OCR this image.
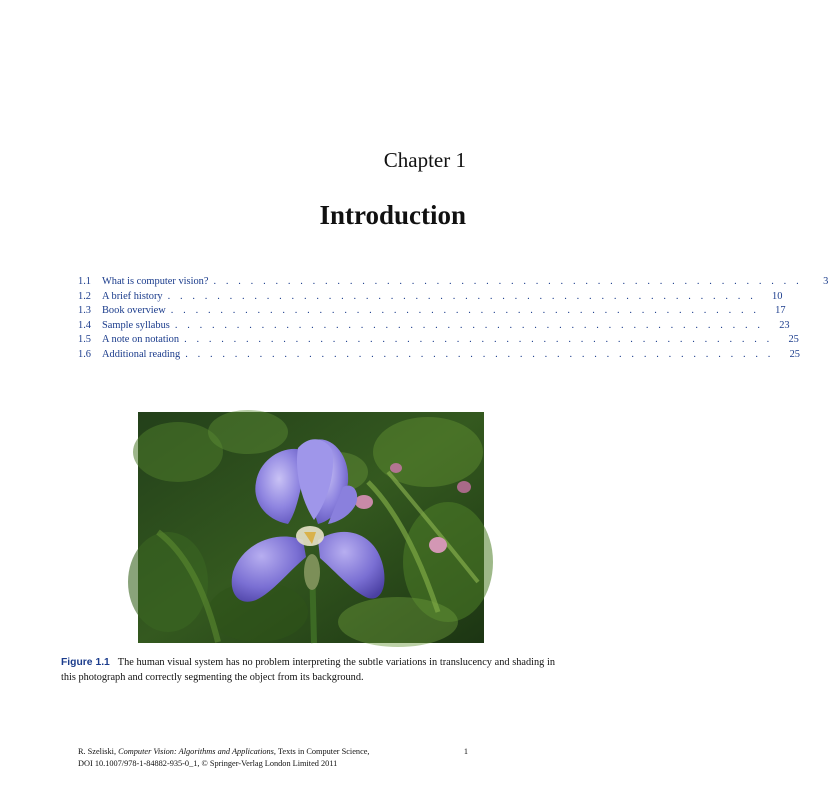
Chapter 1
Introduction
1.1	What is computer vision? . . . . . . . . . . . . . . . . . . . . . . . . . . . . . . . . . . . . . . . . . . . . . . . .	3
1.2	A brief history . . . . . . . . . . . . . . . . . . . . . . . . . . . . . . . . . . . . . . . . . . . . . . . .	10
1.3	Book overview . . . . . . . . . . . . . . . . . . . . . . . . . . . . . . . . . . . . . . . . . . . . . . . .	17
1.4	Sample syllabus . . . . . . . . . . . . . . . . . . . . . . . . . . . . . . . . . . . . . . . . . . . . . . . .	23
1.5	A note on notation . . . . . . . . . . . . . . . . . . . . . . . . . . . . . . . . . . . . . . . . . . . . . . . .	25
1.6	Additional reading . . . . . . . . . . . . . . . . . . . . . . . . . . . . . . . . . . . . . . . . . . . . . . . .	25
Figure 1.1 The human visual system has no problem interpreting the subtle variations in translucency and shading in this photograph and correctly segmenting the object from its background.
R. Szeliski, Computer Vision: Algorithms and Applications, Texts in Computer Science,	1
DOI 10.1007/978-1-84882-935-0_1, © Springer-Verlag London Limited 2011
